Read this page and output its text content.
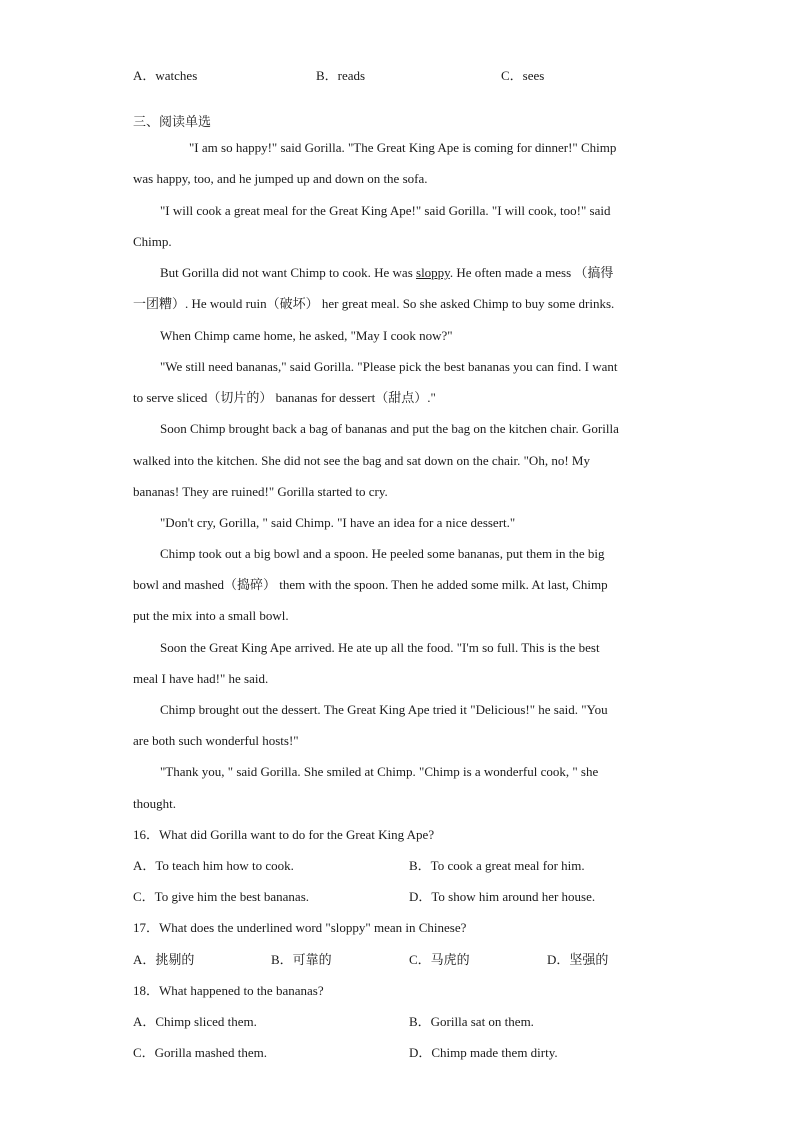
A．watches	B．reads	C．sees
三、阅读单选
"I am so happy!" said Gorilla. "The Great King Ape is coming for dinner!" Chimp
was happy, too, and he jumped up and down on the sofa.
"I will cook a great meal for the Great King Ape!" said Gorilla. "I will cook, too!" said
Chimp.
But Gorilla did not want Chimp to cook. He was sloppy. He often made a mess （搞得
一团糟）. He would ruin（破坏） her great meal. So she asked Chimp to buy some drinks.
When Chimp came home, he asked, "May I cook now?"
"We still need bananas," said Gorilla. "Please pick the best bananas you can find. I want
to serve sliced（切片的） bananas for dessert（甜点）."
Soon Chimp brought back a bag of bananas and put the bag on the kitchen chair. Gorilla
walked into the kitchen. She did not see the bag and sat down on the chair. "Oh, no! My
bananas! They are ruined!" Gorilla started to cry.
"Don't cry, Gorilla, " said Chimp. "I have an idea for a nice dessert."
Chimp took out a big bowl and a spoon. He peeled some bananas, put them in the big
bowl and mashed（捣碎） them with the spoon. Then he added some milk. At last, Chimp
put the mix into a small bowl.
Soon the Great King Ape arrived. He ate up all the food. "I'm so full. This is the best
meal I have had!" he said.
Chimp brought out the dessert. The Great King Ape tried it "Delicious!" he said. "You
are both such wonderful hosts!"
"Thank you, " said Gorilla. She smiled at Chimp. "Chimp is a wonderful cook, " she
thought.
16．What did Gorilla want to do for the Great King Ape?
A．To teach him how to cook.	B．To cook a great meal for him.
C．To give him the best bananas.	D．To show him around her house.
17．What does the underlined word "sloppy" mean in Chinese?
A．挑剔的	B．可靠的	C．马虎的	D．坚强的
18．What happened to the bananas?
A．Chimp sliced them.	B．Gorilla sat on them.
C．Gorilla mashed them.	D．Chimp made them dirty.
